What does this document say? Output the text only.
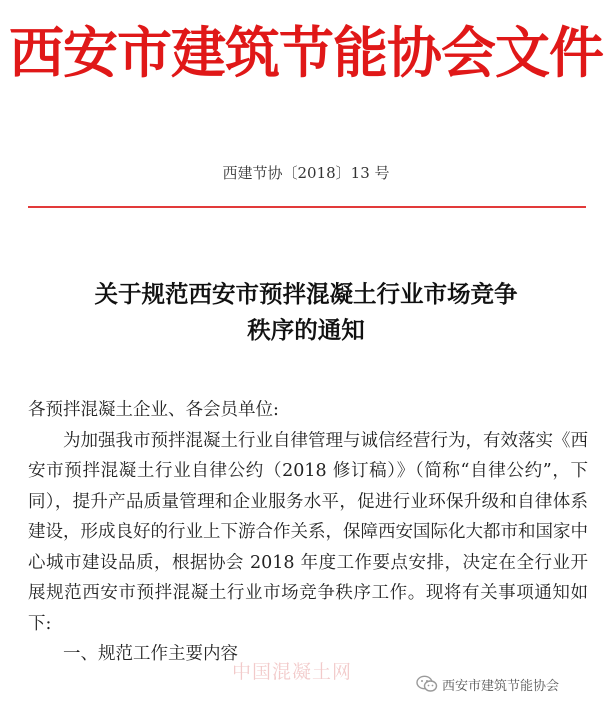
西安市建筑节能协会文件
西建节协〔2018〕13 号
关于规范西安市预拌混凝土行业市场竞争
秩序的通知

各预拌混凝土企业、各会员单位:

为加强我市预拌混凝土行业自律管理与诚信经营行为，有效落实《西安市预拌混凝土行业自律公约（2018 修订稿）》（简称“自律公约”，下同），提升产品质量管理和企业服务水平，促进行业环保升级和自律体系建设，形成良好的行业上下游合作关系，保障西安国际化大都市和国家中心城市建设品质，根据协会 2018 年度工作要点安排，决定在全行业开展规范西安市预拌混凝土行业市场竞争秩序工作。现将有关事项通知如下:

一、规范工作主要内容

中国混凝土网
西安市建筑节能协会
